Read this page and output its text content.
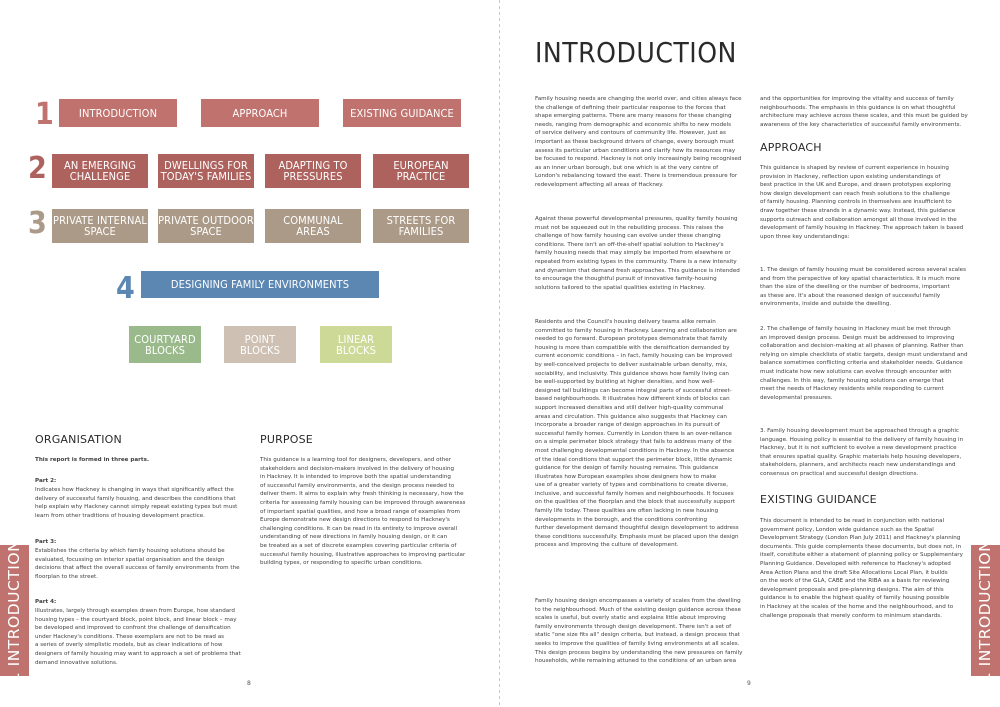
1	INTRODUCTION	APPROACH	EXISTING GUIDANCE
2	AN EMERGING
CHALLENGE
DWELLINGS FOR
TODAY'S FAMILIES
ADAPTING TO
PRESSURES
EUROPEAN
PRACTICE
3 PRIVATE INTERNAL
SPACE
PRIVATE OUTDOOR
SPACE
COMMUNAL AREAS
STREETS FOR
FAMILIES
4	DESIGNING FAMILY ENVIRONMENTS
COURTYARD
BLOCKS
POINT
BLOCKS
LINEAR
BLOCKS
ORGANISATION
This report is formed in three parts.
Part 2:
Indicates how Hackney is changing in ways that significantly affect the
delivery of successful family housing, and describes the conditions that
help explain why Hackney cannot simply repeat existing types but must
learn from other traditions of housing development practice.
Part 3:
Establishes the criteria by which family housing solutions should be
evaluated, focussing on interior spatial organisation and the design
decisions that affect the overall success of family environments from the
floorplan to the street.
Part 4:
Illustrates, largely through examples drawn from Europe, how standard
housing types – the courtyard block, point block, and linear block – may
be developed and improved to confront the challenge of densification
under Hackney's conditions. These exemplars are not to be read as
a series of overly simplistic models, but as clear indications of how
designers of family housing may want to approach a set of problems that
demand innovative solutions.
PURPOSE
This guidance is a learning tool for designers, developers, and other
stakeholders and decision-makers involved in the delivery of housing
in Hackney. It is intended to improve both the spatial understanding
of successful family environments, and the design process needed to
deliver them. It aims to explain why fresh thinking is necessary, how the
criteria for assessing family housing can be improved through awareness
of important spatial qualities, and how a broad range of examples from
Europe demonstrate new design directions to respond to Hackney's
challenging conditions. It can be read in its entirety to improve overall
understanding of new directions in family housing design, or it can
be treated as a set of discrete examples covering particular criteria of
successful family housing, illustrative approaches to improving particular
building types, or responding to specific urban conditions.
1 INTRODUCTION
8
INTRODUCTION
Family housing needs are changing the world over, and cities always face
the challenge of defining their particular response to the forces that
shape emerging patterns. There are many reasons for these changing
needs, ranging from demographic and economic shifts to new models
of service delivery and contours of community life. However, just as
important as these background drivers of change, every borough must
assess its particular urban conditions and clarify how its resources may
be focused to respond. Hackney is not only increasingly being recognised
as an inner urban borough, but one which is at the very centre of
London's rebalancing toward the east. There is tremendous pressure for
redevelopment affecting all areas of Hackney.
Against these powerful developmental pressures, quality family housing
must not be squeezed out in the rebuilding process. This raises the
challenge of how family housing can evolve under these changing
conditions. There isn't an off-the-shelf spatial solution to Hackney's
family housing needs that may simply be imported from elsewhere or
repeated from existing types in the community. There is a new intensity
and dynamism that demand fresh approaches. This guidance is intended
to encourage the thoughtful pursuit of innovative family-housing
solutions tailored to the spatial qualities existing in Hackney.
Residents and the Council's housing delivery teams alike remain
committed to family housing in Hackney. Learning and collaboration are
needed to go forward. European prototypes demonstrate that family
housing is more than compatible with the densification demanded by
current economic conditions – in fact, family housing can be improved
by well-conceived projects to deliver sustainable urban density, mix,
sociability, and inclusivity. This guidance shows how family living can
be well-supported by building at higher densities, and how well-
designed tall buildings can become integral parts of successful street-
based neighbourhoods. It illustrates how different kinds of blocks can
support increased densities and still deliver high-quality communal
areas and circulation. This guidance also suggests that Hackney can
incorporate a broader range of design approaches in its pursuit of
successful family homes. Currently in London there is an over-reliance
on a simple perimeter block strategy that fails to address many of the
most challenging developmental conditions in Hackney. In the absence
of the ideal conditions that support the perimeter block, little dynamic
guidance for the design of family housing remains. This guidance
illustrates how European examples show designers how to make
use of a greater variety of types and combinations to create diverse,
inclusive, and successful family homes and neighbourhoods. It focuses
on the qualities of the floorplan and the block that successfully support
family life today. These qualities are often lacking in new housing
developments in the borough, and the conditions confronting
further development demand thoughtful design development to address
these conditions successfully. Emphasis must be placed upon the design
process and improving the culture of development.
Family housing design encompasses a variety of scales from the dwelling
to the neighbourhood. Much of the existing design guidance across these
scales is useful, but overly static and explains little about improving
family environments through design development. There isn't a set of
static "one size fits all" design criteria, but instead, a design process that
seeks to improve the qualities of family living environments at all scales.
This design process begins by understanding the new pressures on family
households, while remaining attuned to the conditions of an urban area
and the opportunities for improving the vitality and success of family
neighbourhoods. The emphasis in this guidance is on what thoughtful
architecture may achieve across these scales, and this must be guided by
awareness of the key characteristics of successful family environments.
APPROACH
This guidance is shaped by review of current experience in housing
provision in Hackney, reflection upon existing understandings of
best practice in the UK and Europe, and drawn prototypes exploring
how design development can reach fresh solutions to the challenge
of family housing. Planning controls in themselves are insufficient to
draw together these strands in a dynamic way. Instead, this guidance
supports outreach and collaboration amongst all those involved in the
development of family housing in Hackney. The approach taken is based
upon three key understandings:
1. The design of family housing must be considered across several scales
and from the perspective of key spatial characteristics. It is much more
than the size of the dwelling or the number of bedrooms, important
as these are. It's about the reasoned design of successful family
environments, inside and outside the dwelling.
2. The challenge of family housing in Hackney must be met through
an improved design process. Design must be addressed to improving
collaboration and decision-making at all phases of planning. Rather than
relying on simple checklists of static targets, design must understand and
balance sometimes conflicting criteria and stakeholder needs. Guidance
must indicate how new solutions can evolve through encounter with
challenges. In this way, family housing solutions can emerge that
meet the needs of Hackney residents while responding to current
developmental pressures.
3. Family housing development must be approached through a graphic
language. Housing policy is essential to the delivery of family housing in
Hackney, but it is not sufficient to evolve a new development practice
that ensures spatial quality. Graphic materials help housing developers,
stakeholders, planners, and architects reach new understandings and
consensus on practical and successful design directions.
EXISTING GUIDANCE
This document is intended to be read in conjunction with national
government policy, London wide guidance such as the Spatial
Development Strategy (London Plan July 2011) and Hackney's planning
documents. This guide complements these documents, but does not, in
itself, constitute either a statement of planning policy or Supplementary
Planning Guidance. Developed with reference to Hackney's adopted
Area Action Plans and the draft Site Allocations Local Plan, it builds
on the work of the GLA, CABE and the RIBA as a basis for reviewing
development proposals and pre-planning designs. The aim of this
guidance is to enable the highest quality of family housing possible
in Hackney at the scales of the home and the neighbourhood, and to
challenge proposals that merely conform to minimum standards.	1 INTRODUCTION
9
